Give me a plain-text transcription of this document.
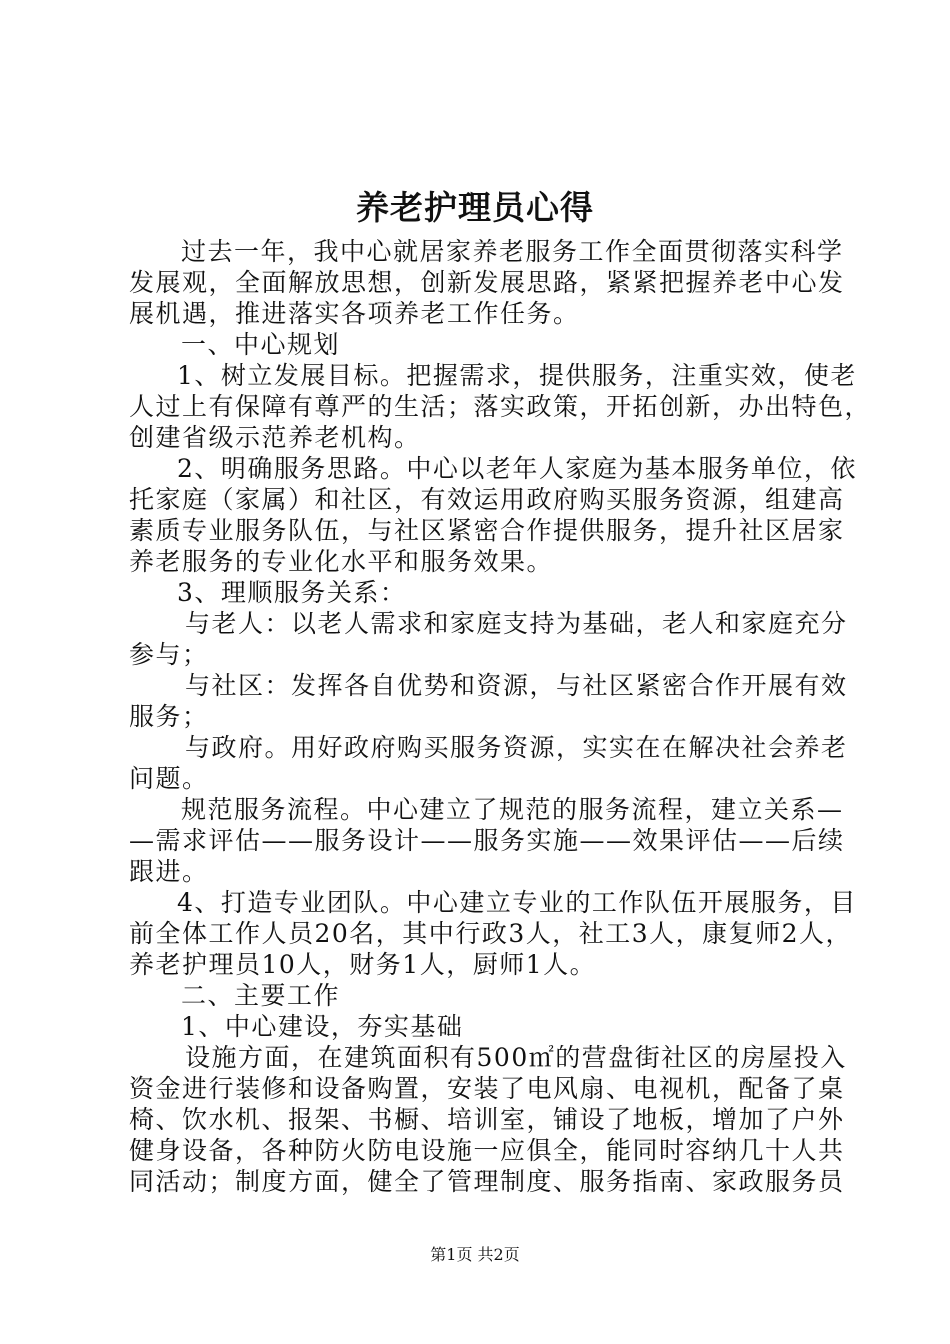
养老护理员心得
过去一年，我中心就居家养老服务工作全面贯彻落实科学
发展观，全面解放思想，创新发展思路，紧紧把握养老中心发
展机遇，推进落实各项养老工作任务。
一、中心规划
1、树立发展目标。把握需求，提供服务，注重实效，使老
人过上有保障有尊严的生活；落实政策，开拓创新，办出特色，
创建省级示范养老机构。
2、明确服务思路。中心以老年人家庭为基本服务单位，依
托家庭（家属）和社区，有效运用政府购买服务资源，组建高
素质专业服务队伍，与社区紧密合作提供服务，提升社区居家
养老服务的专业化水平和服务效果。
3、理顺服务关系：
与老人：以老人需求和家庭支持为基础，老人和家庭充分
参与；
与社区：发挥各自优势和资源，与社区紧密合作开展有效
服务；
与政府。用好政府购买服务资源，实实在在解决社会养老
问题。
规范服务流程。中心建立了规范的服务流程，建立关系—
—需求评估——服务设计——服务实施——效果评估——后续
跟进。
4、打造专业团队。中心建立专业的工作队伍开展服务，目
前全体工作人员20名，其中行政3人，社工3人，康复师2人，
养老护理员10人，财务1人，厨师1人。
二、主要工作
1、中心建设，夯实基础
设施方面，在建筑面积有500㎡的营盘街社区的房屋投入
资金进行装修和设备购置，安装了电风扇、电视机，配备了桌
椅、饮水机、报架、书橱、培训室，铺设了地板，增加了户外
健身设备，各种防火防电设施一应俱全，能同时容纳几十人共
同活动；制度方面，健全了管理制度、服务指南、家政服务员
第1页 共2页
